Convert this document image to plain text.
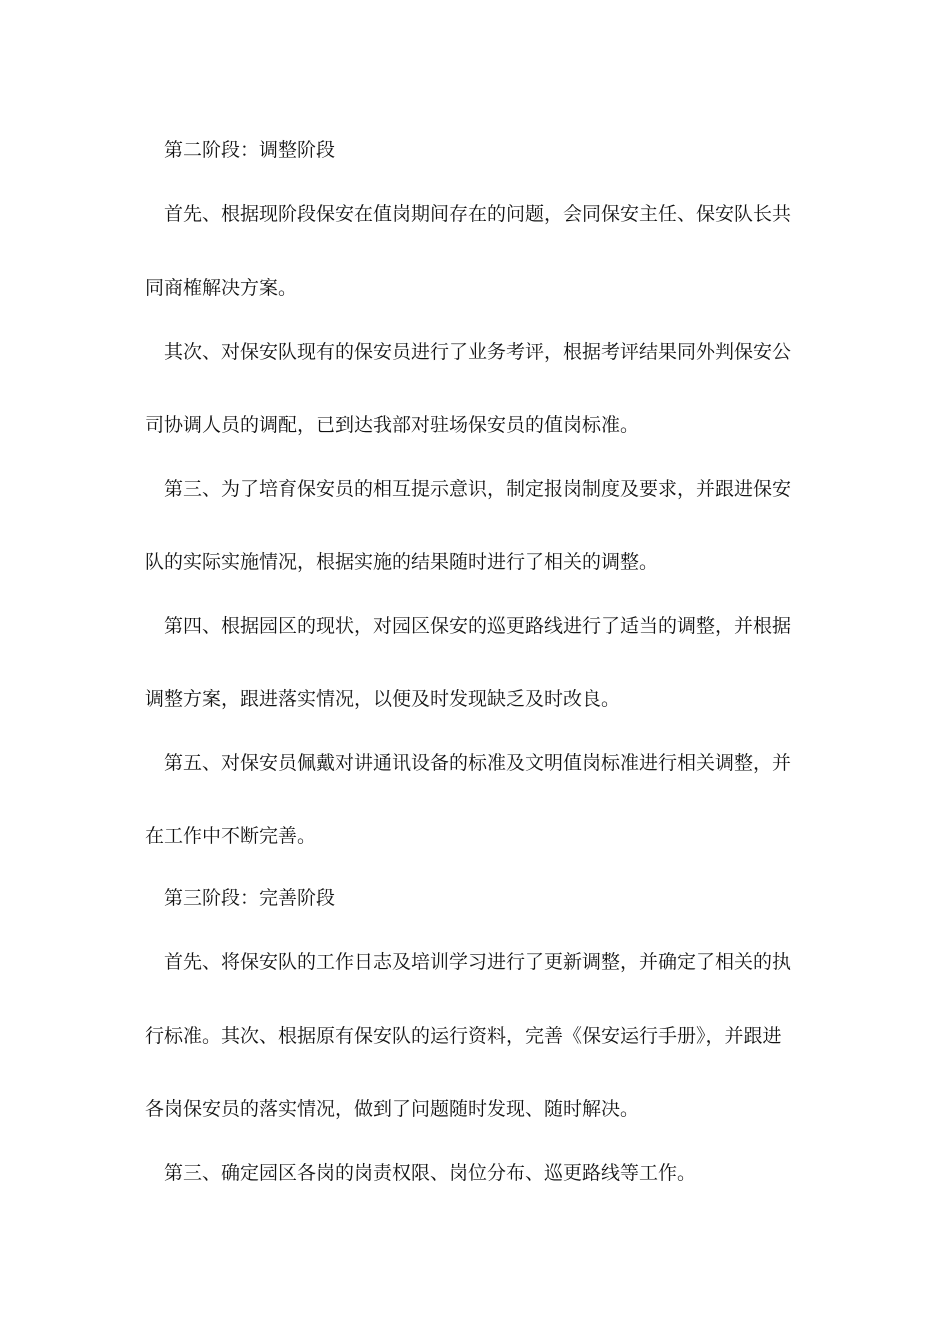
第二阶段：调整阶段
首先、根据现阶段保安在值岗期间存在的问题，会同保安主任、保安队长共
同商榷解决方案。
其次、对保安队现有的保安员进行了业务考评，根据考评结果同外判保安公
司协调人员的调配，已到达我部对驻场保安员的值岗标准。
第三、为了培育保安员的相互提示意识，制定报岗制度及要求，并跟进保安
队的实际实施情况，根据实施的结果随时进行了相关的调整。
第四、根据园区的现状，对园区保安的巡更路线进行了适当的调整，并根据
调整方案，跟进落实情况，以便及时发现缺乏及时改良。
第五、对保安员佩戴对讲通讯设备的标准及文明值岗标准进行相关调整，并
在工作中不断完善。
第三阶段：完善阶段
首先、将保安队的工作日志及培训学习进行了更新调整，并确定了相关的执
行标准。其次、根据原有保安队的运行资料，完善《保安运行手册》，并跟进
各岗保安员的落实情况，做到了问题随时发现、随时解决。
第三、确定园区各岗的岗责权限、岗位分布、巡更路线等工作。
